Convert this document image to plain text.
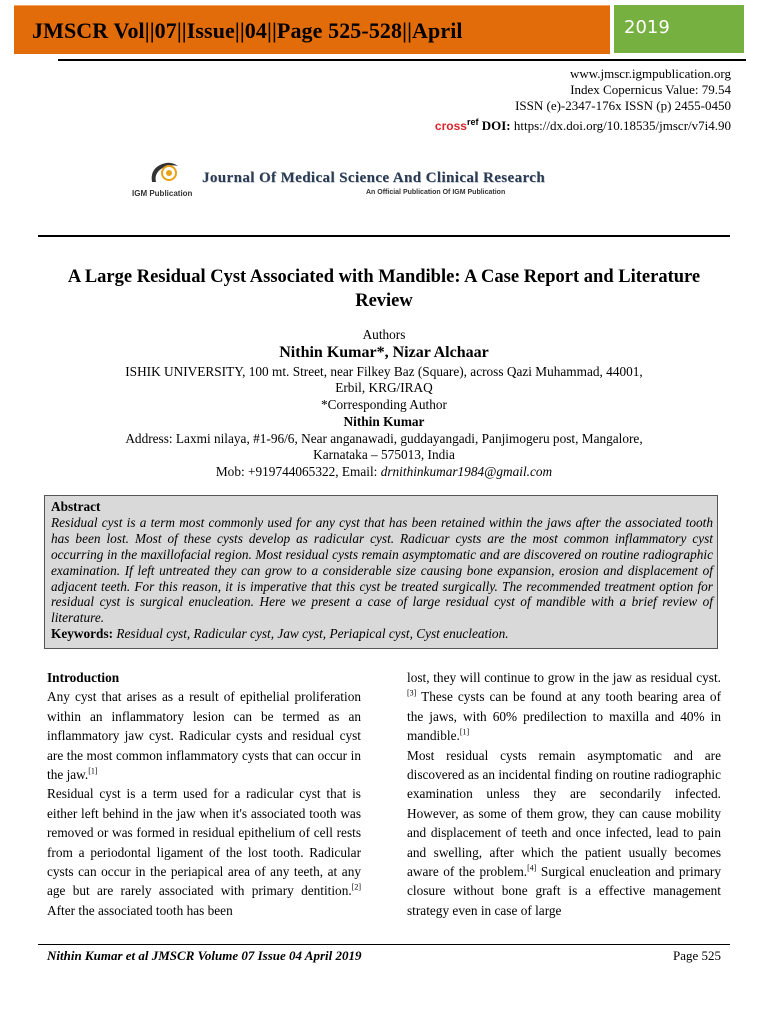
JMSCR Vol||07||Issue||04||Page 525-528||April	2019
www.jmscr.igmpublication.org
Index Copernicus Value: 79.54
ISSN (e)-2347-176x ISSN (p) 2455-0450
cross$^{ref}$ DOI: https://dx.doi.org/10.18535/jmscr/v7i4.90
IGM Publication
Journal Of Medical Science And Clinical Research
An Official Publication Of IGM Publication
A Large Residual Cyst Associated with Mandible: A Case Report and Literature Review
Authors
Nithin Kumar*, Nizar Alchaar
ISHIK UNIVERSITY, 100 mt. Street, near Filkey Baz (Square), across Qazi Muhammad, 44001,
Erbil, KRG/IRAQ
*Corresponding Author
Nithin Kumar
Address: Laxmi nilaya, #1-96/6, Near anganawadi, guddayangadi, Panjimogeru post, Mangalore,
Karnataka – 575013, India
Mob: +919744065322, Email: drnithinkumar1984@gmail.com
Abstract
Residual cyst is a term most commonly used for any cyst that has been retained within the jaws after the associated tooth has been lost. Most of these cysts develop as radicular cyst. Radicuar cysts are the most common inflammatory cyst occurring in the maxillofacial region. Most residual cysts remain asymptomatic and are discovered on routine radiographic examination. If left untreated they can grow to a considerable size causing bone expansion, erosion and displacement of adjacent teeth. For this reason, it is imperative that this cyst be treated surgically. The recommended treatment option for residual cyst is surgical enucleation. Here we present a case of large residual cyst of mandible with a brief review of literature.
Keywords: Residual cyst, Radicular cyst, Jaw cyst, Periapical cyst, Cyst enucleation.

Introduction

Any cyst that arises as a result of epithelial proliferation within an inflammatory lesion can be termed as an inflammatory jaw cyst. Radicular cysts and residual cyst are the most common inflammatory cysts that can occur in the jaw.[1]

Residual cyst is a term used for a radicular cyst that is either left behind in the jaw when it's associated tooth was removed or was formed in residual epithelium of cell rests from a periodontal ligament of the lost tooth. Radicular cysts can occur in the periapical area of any teeth, at any age but are rarely associated with primary dentition.[2] After the associated tooth has been

lost, they will continue to grow in the jaw as residual cyst.[3] These cysts can be found at any tooth bearing area of the jaws, with 60% predilection to maxilla and 40% in mandible.[1]

Most residual cysts remain asymptomatic and are discovered as an incidental finding on routine radiographic examination unless they are secondarily infected. However, as some of them grow, they can cause mobility and displacement of teeth and once infected, lead to pain and swelling, after which the patient usually becomes aware of the problem.[4] Surgical enucleation and primary closure without bone graft is a effective management strategy even in case of large

Nithin Kumar et al JMSCR Volume 07 Issue 04 April 2019	Page 525
